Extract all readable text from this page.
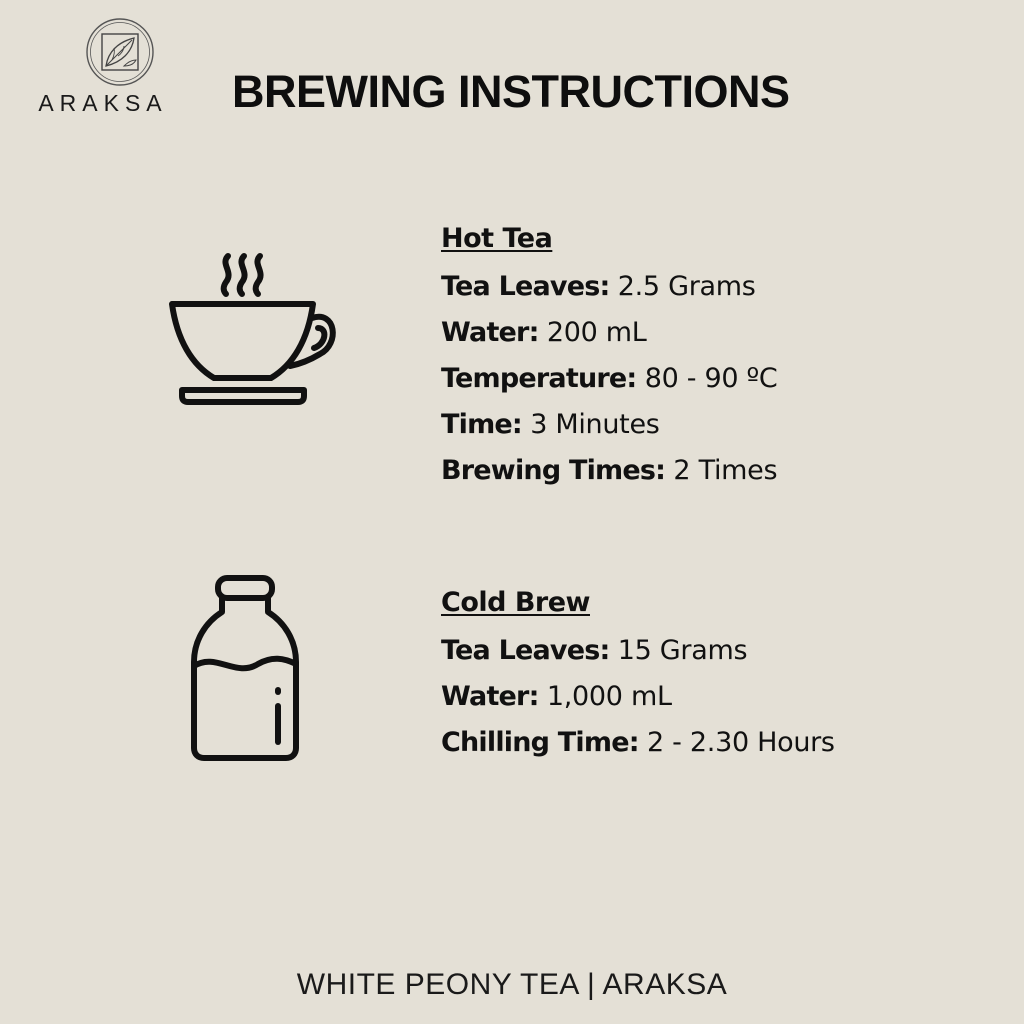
ARAKSA	BREWING INSTRUCTIONS
Hot Tea
Tea Leaves: 2.5 Grams
Water: 200 mL
Temperature: 80 - 90 ºC
Time: 3 Minutes
Brewing Times: 2 Times
Cold Brew
Tea Leaves: 15 Grams
Water: 1,000 mL
Chilling Time: 2 - 2.30 Hours
WHITE PEONY TEA | ARAKSA
